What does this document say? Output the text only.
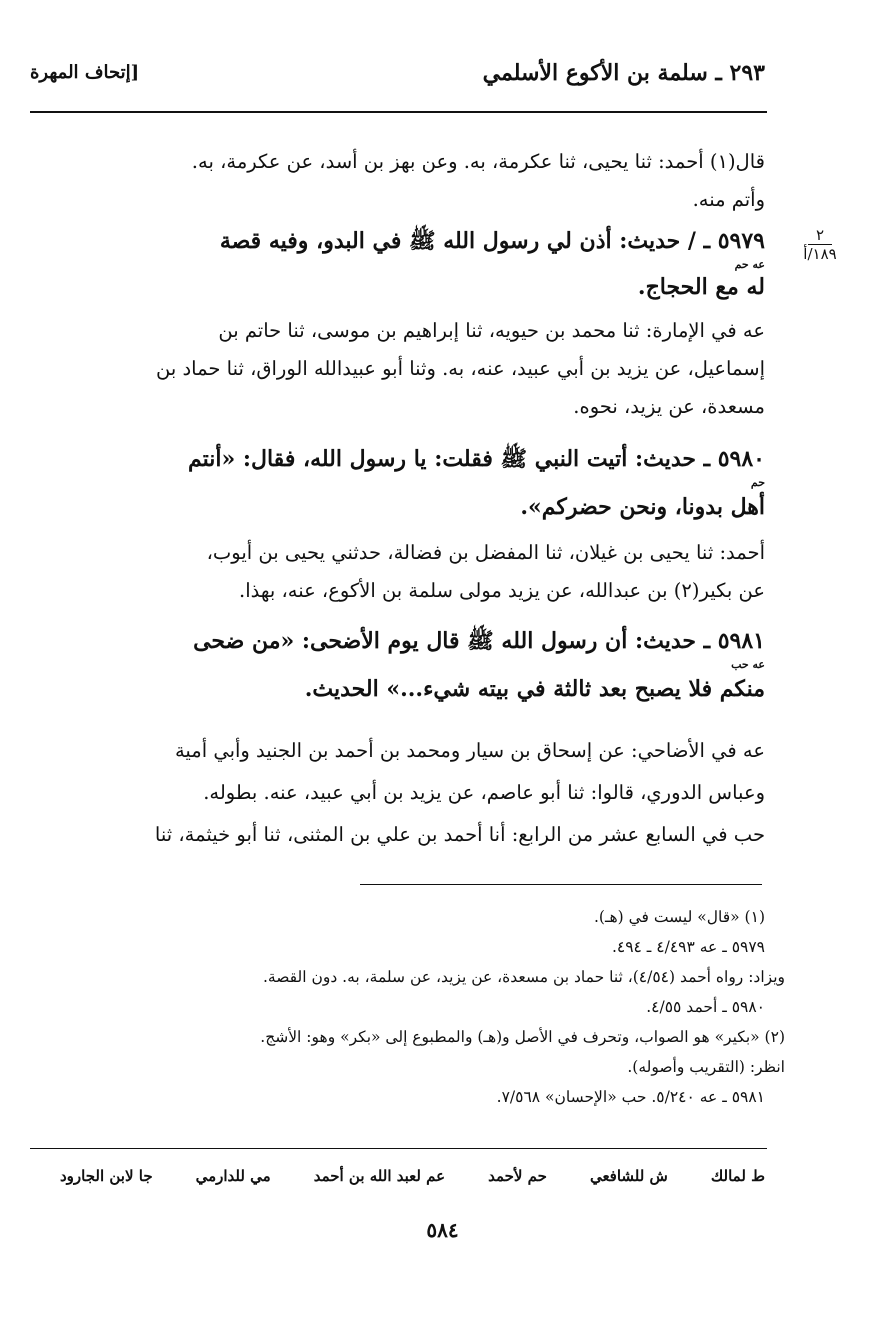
٢٩٣ ـ سلمة بن الأكوع الأسلمي
[إتحاف المهرة
٢
١٨٩/أ

قال(١) أحمد: ثنا يحيى، ثنا عكرمة، به. وعن بهز بن أسد، عن عكرمة، به.

وأتم منه.

٥٩٧٩ ـ / حديث: أذن لي رسول الله ﷺ في البدو، وفيه قصة

عه حم

له مع الحجاج.

عه في الإمارة: ثنا محمد بن حيويه، ثنا إبراهيم بن موسى، ثنا حاتم بن

إسماعيل، عن يزيد بن أبي عبيد، عنه، به. وثنا أبو عبيدالله الوراق، ثنا حماد بن

مسعدة، عن يزيد، نحوه.

٥٩٨٠ ـ حديث: أتيت النبي ﷺ فقلت: يا رسول الله، فقال: «أنتم

حم

أهل بدونا، ونحن حضركم».

أحمد: ثنا يحيى بن غيلان، ثنا المفضل بن فضالة، حدثني يحيى بن أيوب،

عن بكير(٢) بن عبدالله، عن يزيد مولى سلمة بن الأكوع، عنه، بهذا.

٥٩٨١ ـ حديث: أن رسول الله ﷺ قال يوم الأضحى: «من ضحى

عه حب

منكم فلا يصبح بعد ثالثة في بيته شيء...» الحديث.

عه في الأضاحي: عن إسحاق بن سيار ومحمد بن أحمد بن الجنيد وأبي أمية

وعباس الدوري، قالوا: ثنا أبو عاصم، عن يزيد بن أبي عبيد، عنه. بطوله.

حب في السابع عشر من الرابع: أنا أحمد بن علي بن المثنى، ثنا أبو خيثمة، ثنا

(١) «قال» ليست في (هـ).

٥٩٧٩ ـ عه ٤/٤٩٣ ـ ٤٩٤.

ويزاد: رواه أحمد (٤/٥٤)، ثنا حماد بن مسعدة، عن يزيد، عن سلمة، به. دون القصة.

٥٩٨٠ ـ أحمد ٤/٥٥.

(٢) «بكير» هو الصواب، وتحرف في الأصل و(هـ) والمطبوع إلى «بكر» وهو: الأشج.

انظر: (التقريب وأصوله).

٥٩٨١ ـ عه ٥/٢٤٠. حب «الإحسان» ٧/٥٦٨.

ط لمالك
ش للشافعي
حم لأحمد
عم لعبد الله بن أحمد
مي للدارمي
جا لابن الجارود
٥٨٤
